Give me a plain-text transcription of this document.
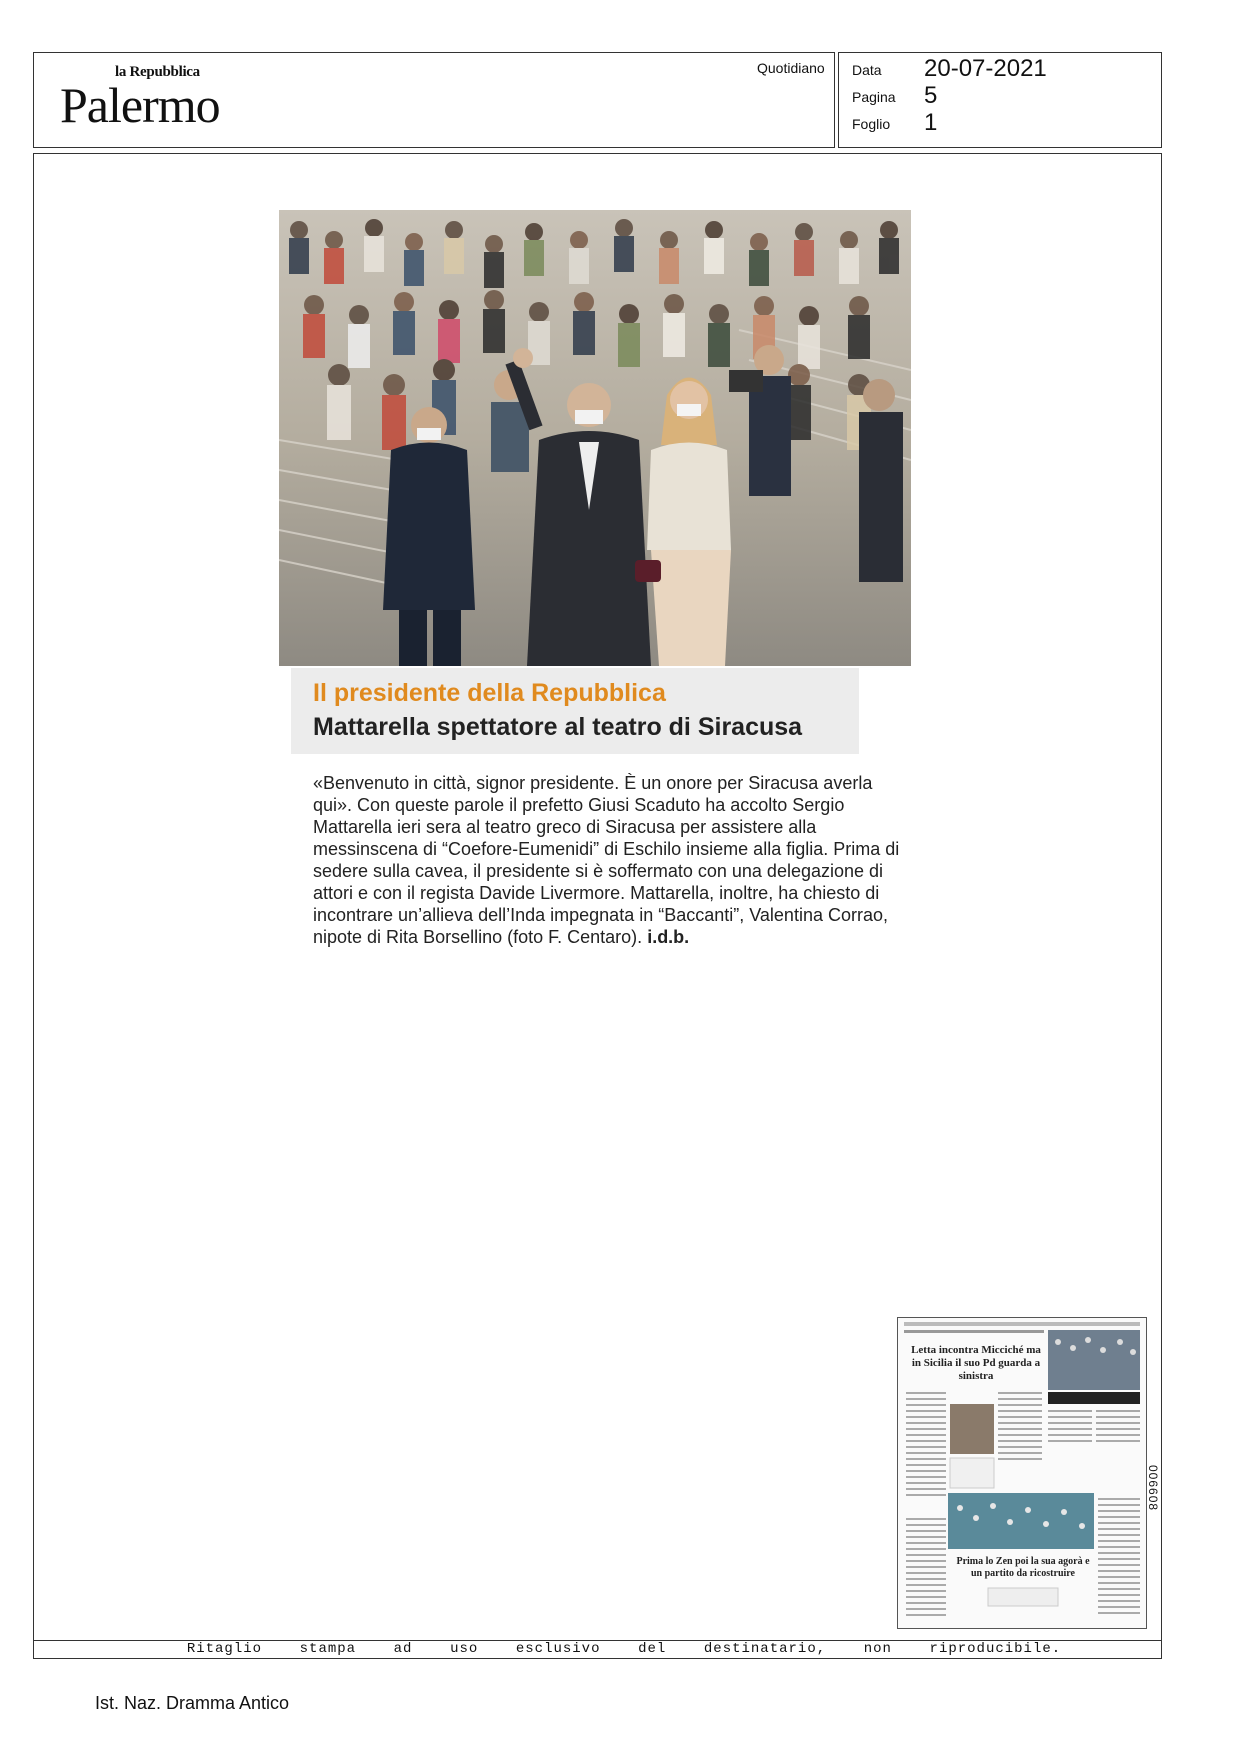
la Repubblica
Palermo
Quotidiano Data 20-07-2021
Pagina 5
Foglio 1
Il presidente della Repubblica
Mattarella spettatore al teatro di Siracusa
«Benvenuto in città, signor presidente. È un onore per Siracusa averla qui». Con queste parole il prefetto Giusi Scaduto ha accolto Sergio Mattarella ieri sera al teatro greco di Siracusa per assistere alla messinscena di “Coefore-Eumenidi” di Eschilo insieme alla figlia. Prima di sedere sulla cavea, il presidente si è soffermato con una delegazione di attori e con il regista Davide Livermore. Mattarella, inoltre, ha chiesto di incontrare un’allieva dell’Inda impegnata in “Baccanti”, Valentina Corrao, nipote di Rita Borsellino (foto F. Centaro). i.d.b.
Letta incontra Micciché ma in Sicilia il suo Pd guarda a sinistra
Prima lo Zen poi la sua agorà e un partito da ricostruire
006608
Ritaglio    stampa    ad    uso    esclusivo    del    destinatario,    non    riproducibile.
Ist. Naz. Dramma Antico
